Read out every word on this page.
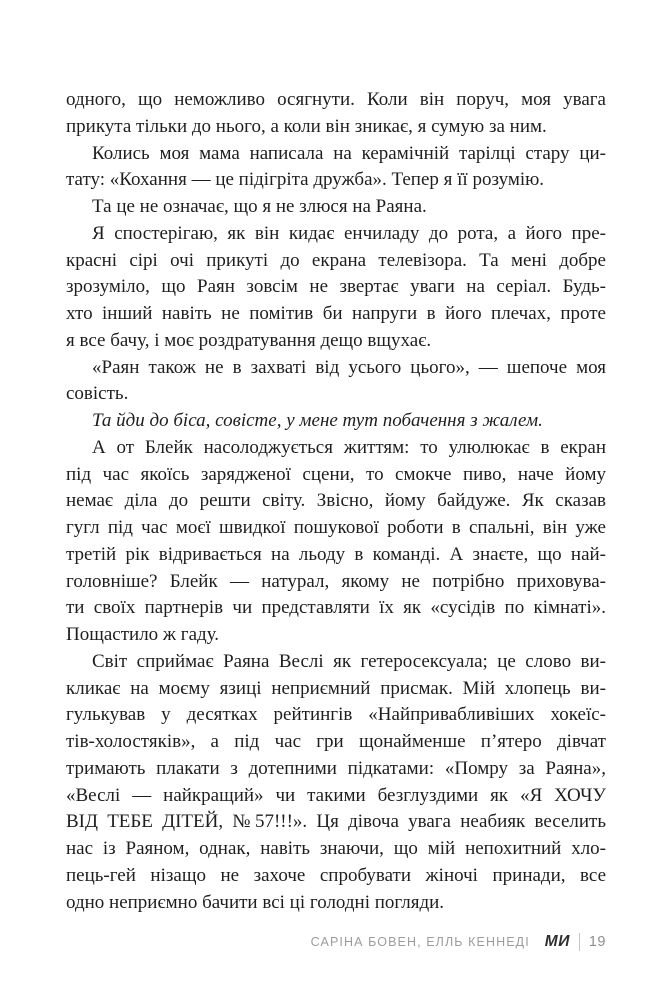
одного, що неможливо осягнути. Коли він поруч, моя увага
прикута тільки до нього, а коли він зникає, я сумую за ним.
Колись моя мама написала на керамічній тарілці стару ци-
тату: «Кохання — це підігріта дружба». Тепер я її розумію.
Та це не означає, що я не злюся на Раяна.
Я спостерігаю, як він кидає енчиладу до рота, а його пре-
красні сірі очі прикуті до екрана телевізора. Та мені добре
зрозуміло, що Раян зовсім не звертає уваги на серіал. Будь-
хто інший навіть не помітив би напруги в його плечах, проте
я все бачу, і моє роздратування дещо вщухає.
«Раян також не в захваті від усього цього», — шепоче моя
совість.
Та йди до біса, совісте, у мене тут побачення з жалем.
А от Блейк насолоджується життям: то улюлюкає в екран
під час якоїсь зарядженої сцени, то смокче пиво, наче йому
немає діла до решти світу. Звісно, йому байдуже. Як сказав
гугл під час моєї швидкої пошукової роботи в спальні, він уже
третій рік відривається на льоду в команді. А знаєте, що най-
головніше? Блейк — натурал, якому не потрібно приховува-
ти своїх партнерів чи представляти їх як «сусідів по кімнаті».
Пощастило ж гаду.
Світ сприймає Раяна Веслі як гетеросексуала; це слово ви-
кликає на моєму язиці неприємний присмак. Мій хлопець ви-
гулькував у десятках рейтингів «Найпривабливіших хокеїс-
тів-холостяків», а під час гри щонайменше п’ятеро дівчат
тримають плакати з дотепними підкатами: «Помру за Раяна»,
«Веслі — найкращий» чи такими безглуздими як «Я ХОЧУ
ВІД ТЕБЕ ДІТЕЙ, №57!!!». Ця дівоча увага неабияк веселить
нас із Раяном, однак, навіть знаючи, що мій непохитний хло-
пець-гей нізащо не захоче спробувати жіночі принади, все
одно неприємно бачити всі ці голодні погляди.
САРІНА БОВЕН, ЕЛЛЬ КЕННЕДІ МИ 19
